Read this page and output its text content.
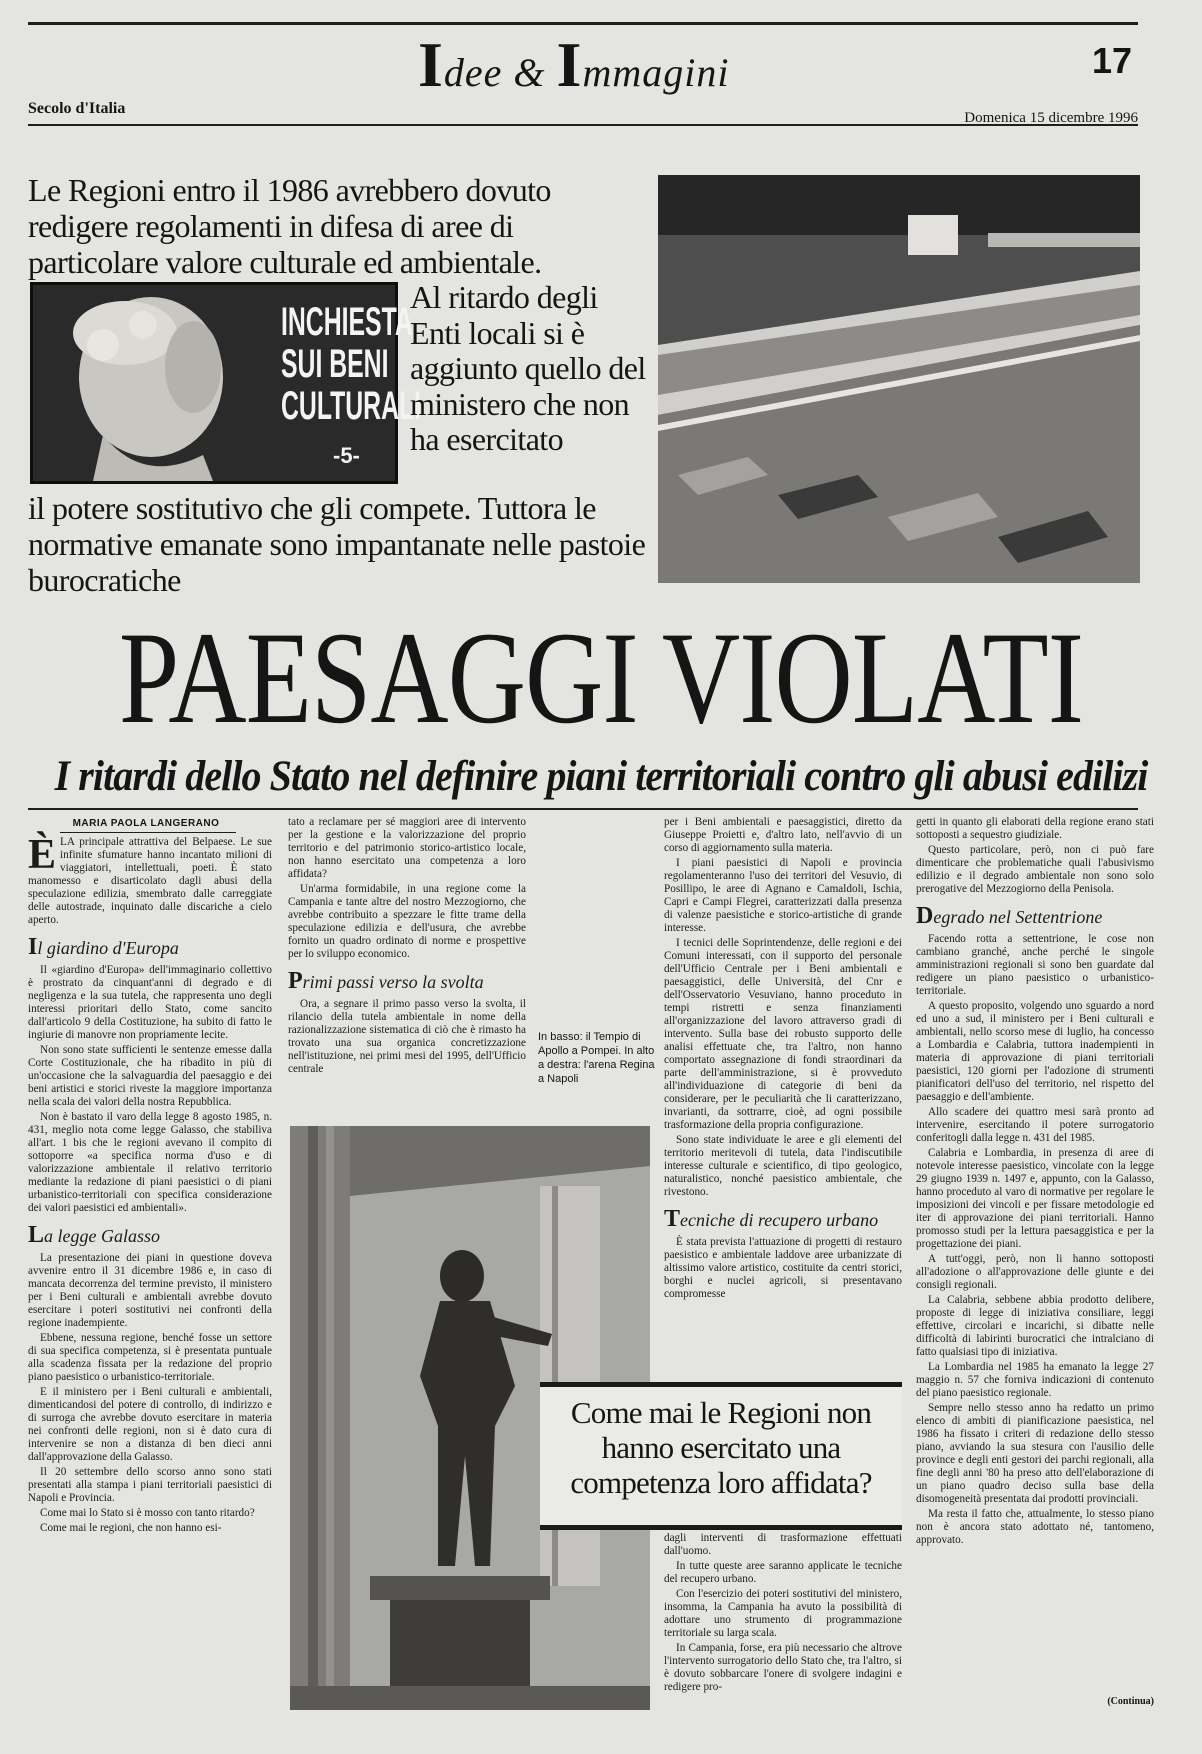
17
Idee & Immagini
Secolo d'Italia
Domenica 15 dicembre 1996
Le Regioni entro il 1986 avrebbero dovuto redigere regolamenti in difesa di aree di particolare valore culturale ed ambientale.
INCHIESTA
SUI BENI
CULTURALI
-5-
Al ritardo degli Enti locali si è aggiunto quello del ministero che non ha esercitato
il potere sostitutivo che gli compete. Tuttora le normative emanate sono impantanate nelle pastoie burocratiche
PAESAGGI VIOLATI
I ritardi dello Stato nel definire piani territoriali contro gli abusi edilizi
MARIA PAOLA LANGERANO

ÈLA principale attrattiva del Belpaese. Le sue infinite sfumature hanno incantato milioni di viaggiatori, intellettuali, poeti. È stato manomesso e disarticolato dagli abusi della speculazione edilizia, smembrato dalle carreggiate delle autostrade, inquinato dalle discariche a cielo aperto.

Il giardino d'Europa

Il «giardino d'Europa» dell'immaginario collettivo è prostrato da cinquant'anni di degrado e di negligenza e la sua tutela, che rappresenta uno degli interessi prioritari dello Stato, come sancito dall'articolo 9 della Costituzione, ha subito di fatto le ingiurie di manovre non propriamente lecite.

Non sono state sufficienti le sentenze emesse dalla Corte Costituzionale, che ha ribadito in più di un'occasione che la salvaguardia del paesaggio e dei beni artistici e storici riveste la maggiore importanza nella scala dei valori della nostra Repubblica.

Non è bastato il varo della legge 8 agosto 1985, n. 431, meglio nota come legge Galasso, che stabiliva all'art. 1 bis che le regioni avevano il compito di sottoporre «a specifica norma d'uso e di valorizzazione ambientale il relativo territorio mediante la redazione di piani paesistici o di piani urbanistico-territoriali con specifica considerazione dei valori paesistici ed ambientali».

La legge Galasso

La presentazione dei piani in questione doveva avvenire entro il 31 dicembre 1986 e, in caso di mancata decorrenza del termine previsto, il ministero per i Beni culturali e ambientali avrebbe dovuto esercitare i poteri sostitutivi nei confronti della regione inadempiente.

Ebbene, nessuna regione, benché fosse un settore di sua specifica competenza, si è presentata puntuale alla scadenza fissata per la redazione del proprio piano paesistico o urbanistico-territoriale.

E il ministero per i Beni culturali e ambientali, dimenticandosi del potere di controllo, di indirizzo e di surroga che avrebbe dovuto esercitare in materia nei confronti delle regioni, non si è dato cura di intervenire se non a distanza di ben dieci anni dall'approvazione della Galasso.

Il 20 settembre dello scorso anno sono stati presentati alla stampa i piani territoriali paesistici di Napoli e Provincia.

Come mai lo Stato si è mosso con tanto ritardo?

Come mai le regioni, che non hanno esi-

tato a reclamare per sé maggiori aree di intervento per la gestione e la valorizzazione del proprio territorio e del patrimonio storico-artistico locale, non hanno esercitato una competenza a loro affidata?

Un'arma formidabile, in una regione come la Campania e tante altre del nostro Mezzogiorno, che avrebbe contribuito a spezzare le fitte trame della speculazione edilizia e dell'usura, che avrebbe fornito un quadro ordinato di norme e prospettive per lo sviluppo economico.

Primi passi verso la svolta

Ora, a segnare il primo passo verso la svolta, il rilancio della tutela ambientale in nome della razionalizzazione sistematica di ciò che è rimasto ha trovato una sua organica concretizzazione nell'istituzione, nei primi mesi del 1995, dell'Ufficio centrale

In basso: il Tempio di Apollo a Pompei. In alto a destra: l'arena Regina a Napoli

per i Beni ambientali e paesaggistici, diretto da Giuseppe Proietti e, d'altro lato, nell'avvio di un corso di aggiornamento sulla materia.

I piani paesistici di Napoli e provincia regolamenteranno l'uso dei territori del Vesuvio, di Posillipo, le aree di Agnano e Camaldoli, Ischia, Capri e Campi Flegrei, caratterizzati dalla presenza di valenze paesistiche e storico-artistiche di grande interesse.

I tecnici delle Soprintendenze, delle regioni e dei Comuni interessati, con il supporto del personale dell'Ufficio Centrale per i Beni ambientali e paesaggistici, delle Università, del Cnr e dell'Osservatorio Vesuviano, hanno proceduto in tempi ristretti e senza finanziamenti all'organizzazione del lavoro attraverso gradi di intervento. Sulla base dei robusto supporto delle analisi effettuate che, tra l'altro, non hanno comportato assegnazione di fondi straordinari da parte dell'amministrazione, si è provveduto all'individuazione di categorie di beni da considerare, per le peculiarità che li caratterizzano, invarianti, da sottrarre, cioè, ad ogni possibile trasformazione della propria configurazione.

Sono state individuate le aree e gli elementi del territorio meritevoli di tutela, data l'indiscutibile interesse culturale e scientifico, di tipo geologico, naturalistico, nonché paesistico ambientale, che rivestono.

Tecniche di recupero urbano

È stata prevista l'attuazione di progetti di restauro paesistico e ambientale laddove aree urbanizzate di altissimo valore artistico, costituite da centri storici, borghi e nuclei agricoli, si presentavano compromesse

Come mai le Regioni non hanno esercitato una competenza loro affidata?

dagli interventi di trasformazione effettuati dall'uomo.

In tutte queste aree saranno applicate le tecniche del recupero urbano.

Con l'esercizio dei poteri sostitutivi del ministero, insomma, la Campania ha avuto la possibilità di adottare uno strumento di programmazione territoriale su larga scala.

In Campania, forse, era più necessario che altrove l'intervento surrogatorio dello Stato che, tra l'altro, si è dovuto sobbarcare l'onere di svolgere indagini e redigere pro-

getti in quanto gli elaborati della regione erano stati sottoposti a sequestro giudiziale.

Questo particolare, però, non ci può fare dimenticare che problematiche quali l'abusivismo edilizio e il degrado ambientale non sono solo prerogative del Mezzogiorno della Penisola.

Degrado nel Settentrione

Facendo rotta a settentrione, le cose non cambiano granché, anche perché le singole amministrazioni regionali si sono ben guardate dal redigere un piano paesistico o urbanistico-territoriale.

A questo proposito, volgendo uno sguardo a nord ed uno a sud, il ministero per i Beni culturali e ambientali, nello scorso mese di luglio, ha concesso a Lombardia e Calabria, tuttora inadempienti in materia di approvazione di piani territoriali paesistici, 120 giorni per l'adozione di strumenti pianificatori dell'uso del territorio, nel rispetto del paesaggio e dell'ambiente.

Allo scadere dei quattro mesi sarà pronto ad intervenire, esercitando il potere surrogatorio conferitogli dalla legge n. 431 del 1985.

Calabria e Lombardia, in presenza di aree di notevole interesse paesistico, vincolate con la legge 29 giugno 1939 n. 1497 e, appunto, con la Galasso, hanno proceduto al varo di normative per regolare le imposizioni dei vincoli e per fissare metodologie ed iter di approvazione dei piani territoriali. Hanno promosso studi per la lettura paesaggistica e per la progettazione dei piani.

A tutt'oggi, però, non li hanno sottoposti all'adozione o all'approvazione delle giunte e dei consigli regionali.

La Calabria, sebbene abbia prodotto delibere, proposte di legge di iniziativa consiliare, leggi effettive, circolari e incarichi, si dibatte nelle difficoltà di labirinti burocratici che intralciano di fatto qualsiasi tipo di iniziativa.

La Lombardia nel 1985 ha emanato la legge 27 maggio n. 57 che forniva indicazioni di contenuto del piano paesistico regionale.

Sempre nello stesso anno ha redatto un primo elenco di ambiti di pianificazione paesistica, nel 1986 ha fissato i criteri di redazione dello stesso piano, avviando la sua stesura con l'ausilio delle province e degli enti gestori dei parchi regionali, alla fine degli anni '80 ha preso atto dell'elaborazione di un piano quadro deciso sulla base della disomogeneità presentata dai prodotti provinciali.

Ma resta il fatto che, attualmente, lo stesso piano non è ancora stato adottato né, tantomeno, approvato.

(Continua)
